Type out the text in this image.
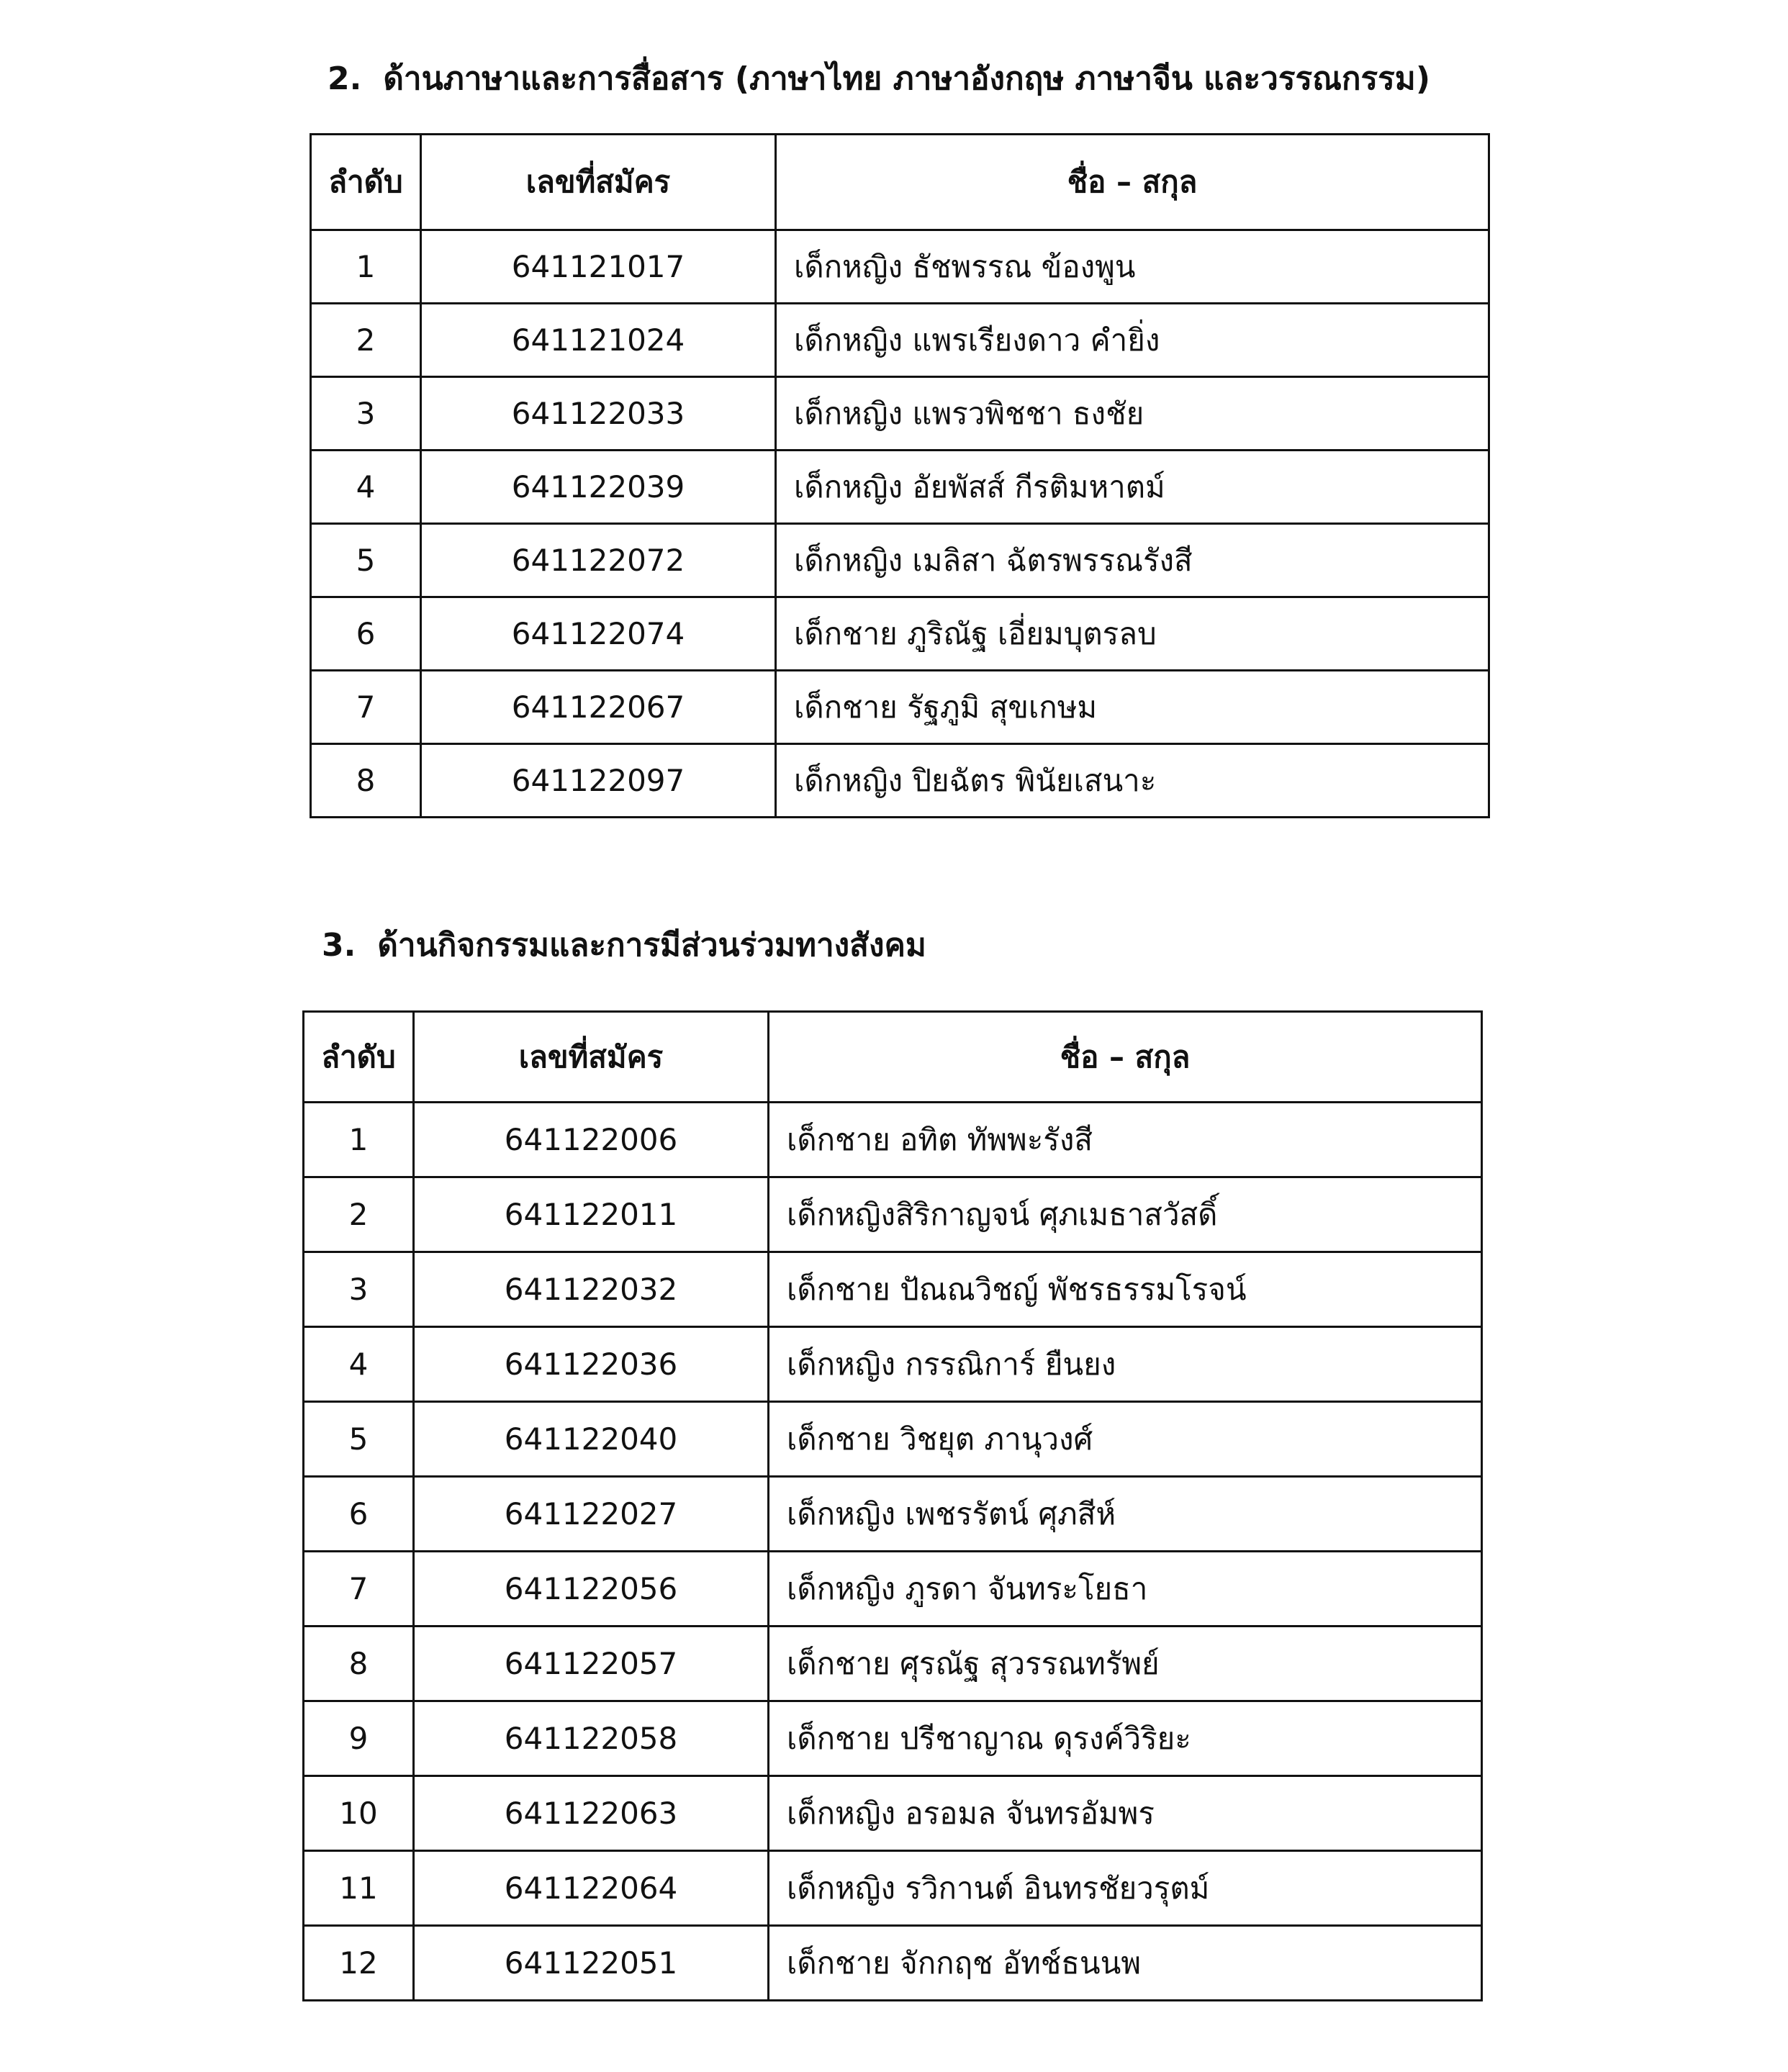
2. ด้านภาษาและการสื่อสาร (ภาษาไทย ภาษาอังกฤษ ภาษาจีน และวรรณกรรม)
ลำดับ	เลขที่สมัคร	ชื่อ – สกุล
1	641121017	เด็กหญิง ธัชพรรณ ข้องพูน
2	641121024	เด็กหญิง แพรเรียงดาว คำยิ่ง
3	641122033	เด็กหญิง แพรวพิชชา ธงชัย
4	641122039	เด็กหญิง อัยพัสส์ กีรติมหาตม์
5	641122072	เด็กหญิง เมลิสา ฉัตรพรรณรังสี
6	641122074	เด็กชาย ภูริณัฐ เอี่ยมบุตรลบ
7	641122067	เด็กชาย รัฐภูมิ สุขเกษม
8	641122097	เด็กหญิง ปิยฉัตร พินัยเสนาะ
3. ด้านกิจกรรมและการมีส่วนร่วมทางสังคม
ลำดับ	เลขที่สมัคร	ชื่อ – สกุล
1	641122006	เด็กชาย อทิต ทัพพะรังสี
2	641122011	เด็กหญิงสิริกาญจน์ ศุภเมธาสวัสดิ์
3	641122032	เด็กชาย ปัณณวิชญ์ พัชรธรรมโรจน์
4	641122036	เด็กหญิง กรรณิการ์ ยืนยง
5	641122040	เด็กชาย วิชยุต ภานุวงศ์
6	641122027	เด็กหญิง เพชรรัตน์ ศุภสีห์
7	641122056	เด็กหญิง ภูรดา จันทระโยธา
8	641122057	เด็กชาย ศุรณัฐ สุวรรณทรัพย์
9	641122058	เด็กชาย ปรีชาญาณ ดุรงค์วิริยะ
10	641122063	เด็กหญิง อรอมล จันทรอัมพร
11	641122064	เด็กหญิง รวิกานต์ อินทรชัยวรุตม์
12	641122051	เด็กชาย จักกฤช อัทช์ธนนพ
